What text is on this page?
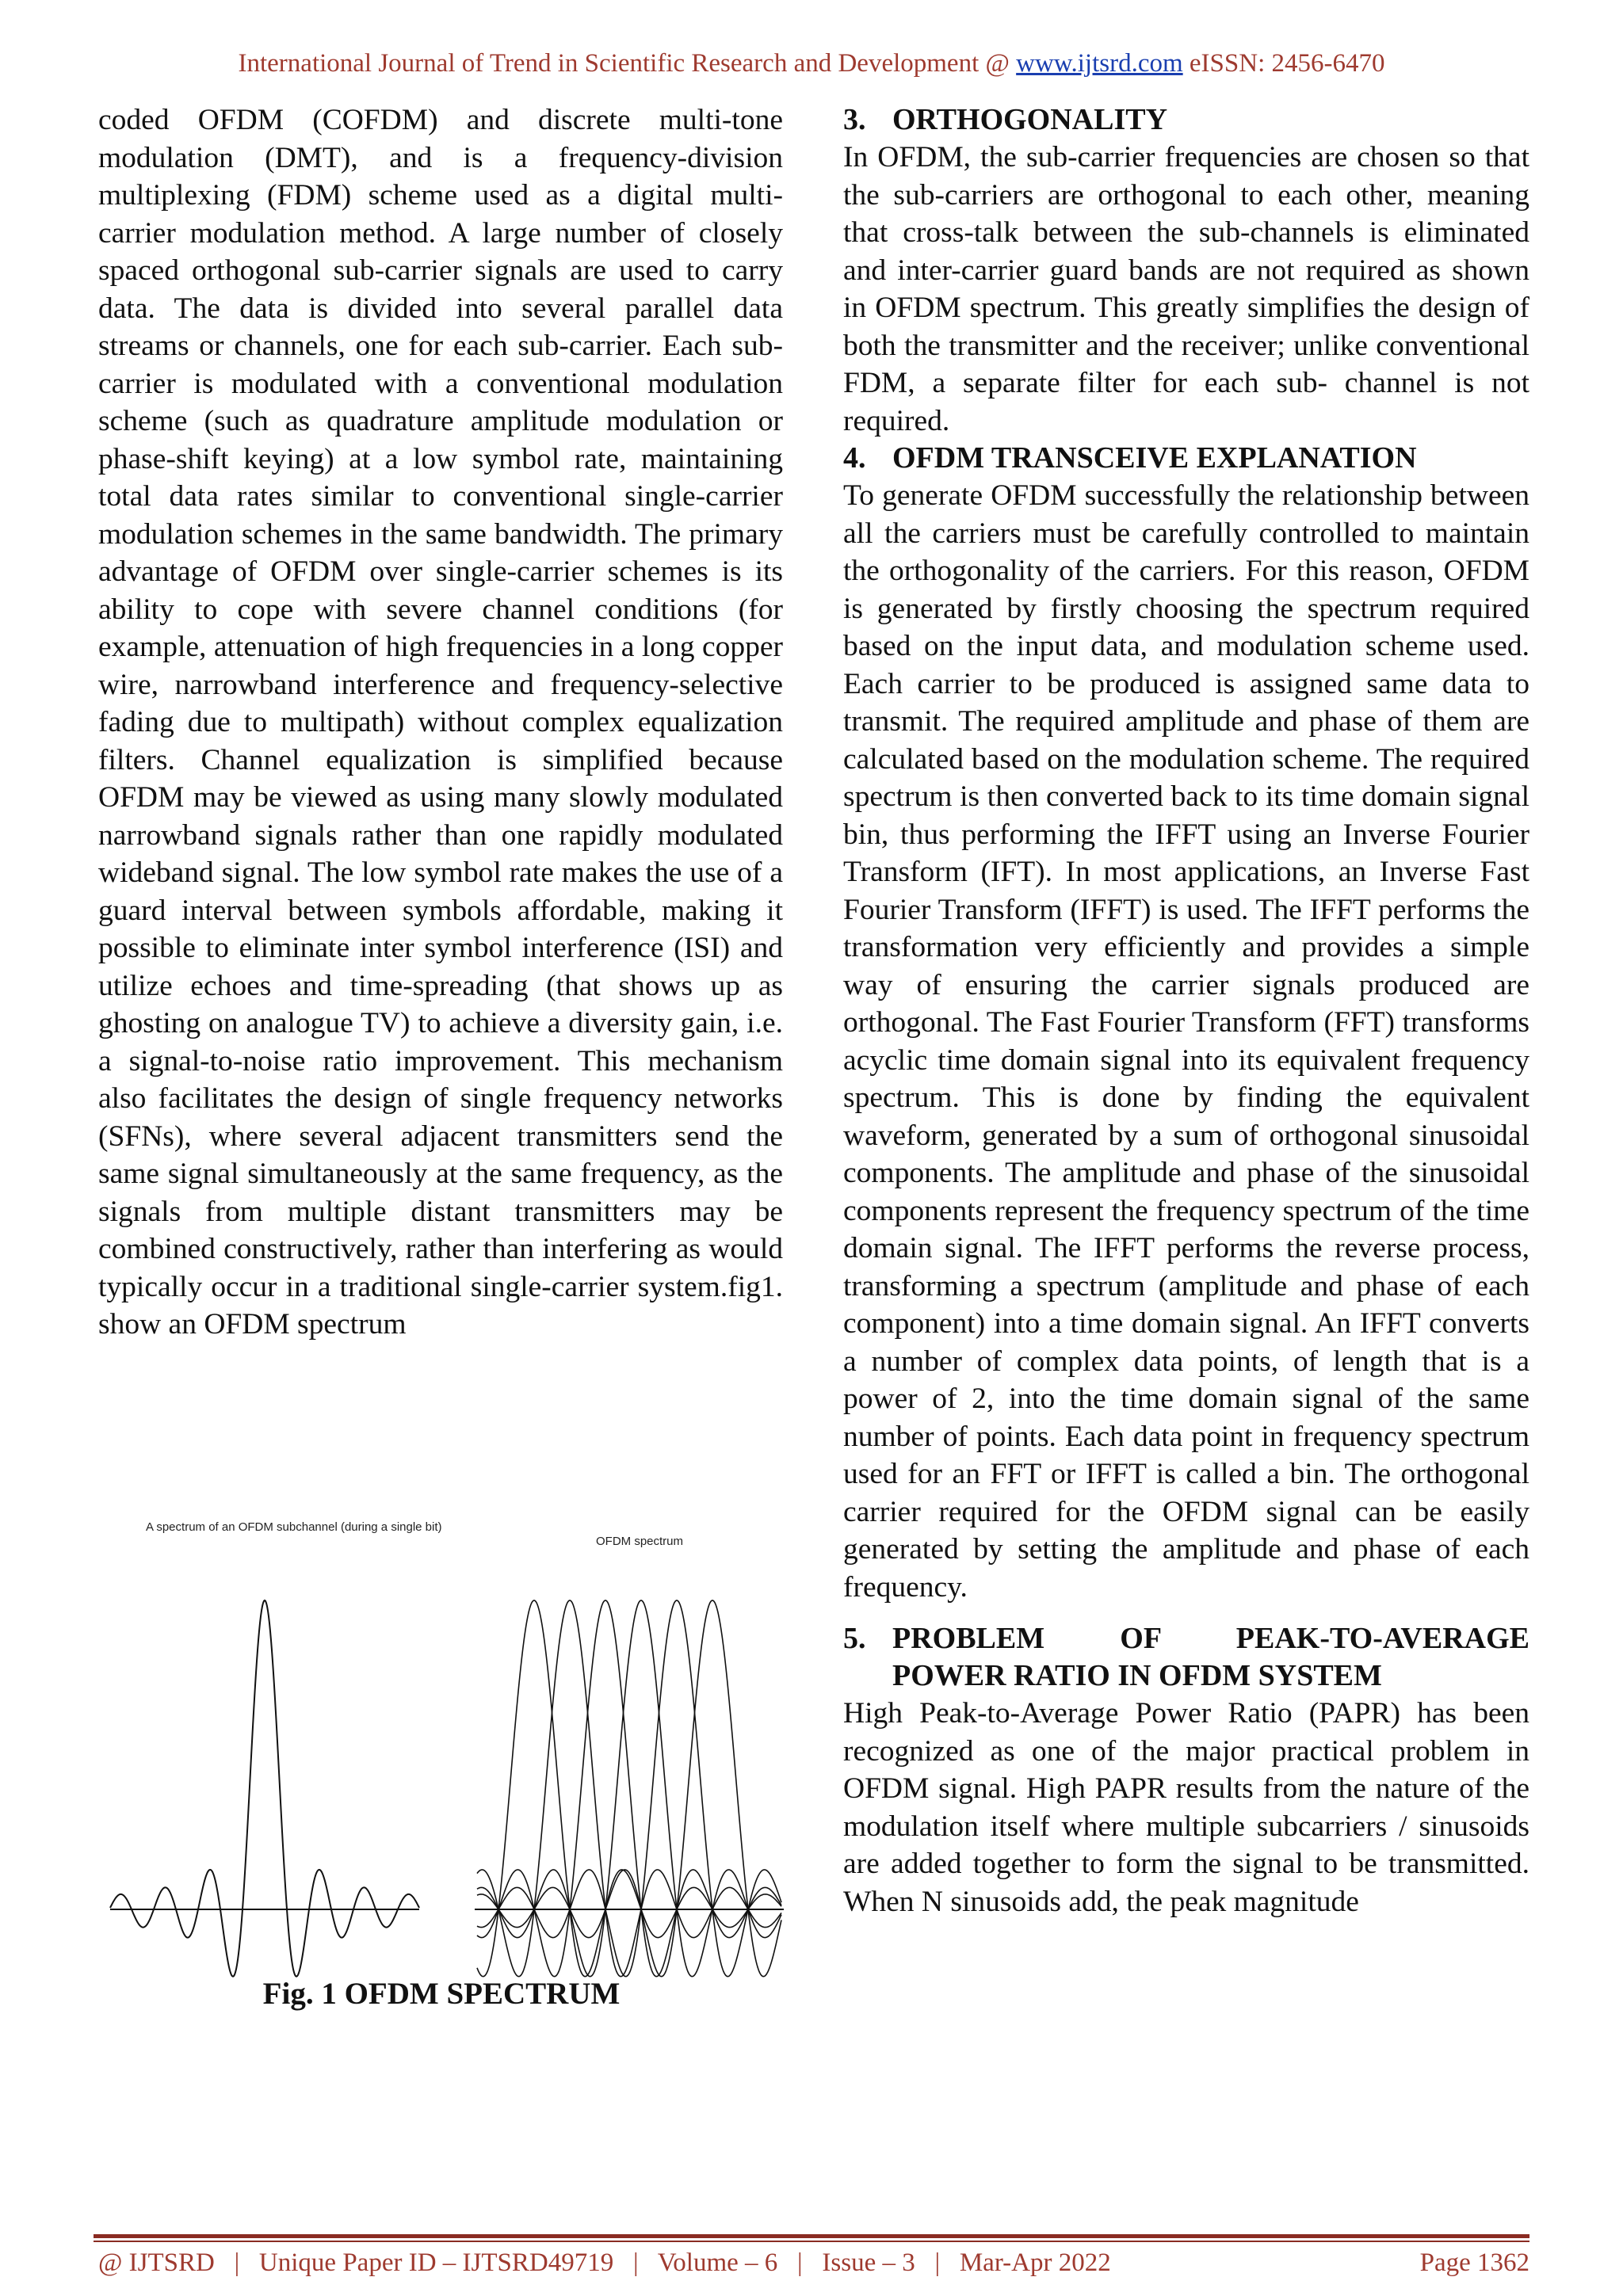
International Journal of Trend in Scientific Research and Development @ www.ijtsrd.com eISSN: 2456-6470

coded OFDM (COFDM) and discrete multi-tone modulation (DMT), and is a frequency-division multiplexing (FDM) scheme used as a digital multi-carrier modulation method. A large number of closely spaced orthogonal sub-carrier signals are used to carry data. The data is divided into several parallel data streams or channels, one for each sub-carrier. Each sub-carrier is modulated with a conventional modulation scheme (such as quadrature amplitude modulation or phase-shift keying) at a low symbol rate, maintaining total data rates similar to conventional single-carrier modulation schemes in the same bandwidth. The primary advantage of OFDM over single-carrier schemes is its ability to cope with severe channel conditions (for example, attenuation of high frequencies in a long copper wire, narrowband interference and frequency-selective fading due to multipath) without complex equalization filters. Channel equalization is simplified because OFDM may be viewed as using many slowly modulated narrowband signals rather than one rapidly modulated wideband signal. The low symbol rate makes the use of a guard interval between symbols affordable, making it possible to eliminate inter symbol interference (ISI) and utilize echoes and time-spreading (that shows up as ghosting on analogue TV) to achieve a diversity gain, i.e. a signal-to-noise ratio improvement. This mechanism also facilitates the design of single frequency networks (SFNs), where several adjacent transmitters send the same signal simultaneously at the same frequency, as the signals from multiple distant transmitters may be combined constructively, rather than interfering as would typically occur in a traditional single-carrier system.fig1. show an OFDM spectrum

A spectrum of an OFDM subchannel (during a single bit)
OFDM spectrum
Fig. 1 OFDM SPECTRUM

3. ORTHOGONALITY

In OFDM, the sub-carrier frequencies are chosen so that the sub-carriers are orthogonal to each other, meaning that cross-talk between the sub-channels is eliminated and inter-carrier guard bands are not required as shown in OFDM spectrum. This greatly simplifies the design of both the transmitter and the receiver; unlike conventional FDM, a separate filter for each sub- channel is not required.

4. OFDM TRANSCEIVE EXPLANATION

To generate OFDM successfully the relationship between all the carriers must be carefully controlled to maintain the orthogonality of the carriers. For this reason, OFDM is generated by firstly choosing the spectrum required based on the input data, and modulation scheme used. Each carrier to be produced is assigned same data to transmit. The required amplitude and phase of them are calculated based on the modulation scheme. The required spectrum is then converted back to its time domain signal bin, thus performing the IFFT using an Inverse Fourier Transform (IFT). In most applications, an Inverse Fast Fourier Transform (IFFT) is used. The IFFT performs the transformation very efficiently and provides a simple way of ensuring the carrier signals produced are orthogonal. The Fast Fourier Transform (FFT) transforms acyclic time domain signal into its equivalent frequency spectrum. This is done by finding the equivalent waveform, generated by a sum of orthogonal sinusoidal components. The amplitude and phase of the sinusoidal components represent the frequency spectrum of the time domain signal. The IFFT performs the reverse process, transforming a spectrum (amplitude and phase of each component) into a time domain signal. An IFFT converts a number of complex data points, of length that is a power of 2, into the time domain signal of the same number of points. Each data point in frequency spectrum used for an FFT or IFFT is called a bin. The orthogonal carrier required for the OFDM signal can be easily generated by setting the amplitude and phase of each frequency.

5. PROBLEM OF PEAK-TO-AVERAGE
POWER RATIO IN OFDM SYSTEM

High Peak-to-Average Power Ratio (PAPR) has been recognized as one of the major practical problem in OFDM signal. High PAPR results from the nature of the modulation itself where multiple subcarriers / sinusoids are added together to form the signal to be transmitted. When N sinusoids add, the peak magnitude

@ IJTSRD   |   Unique Paper ID – IJTSRD49719   |   Volume – 6   |   Issue – 3   |   Mar-Apr 2022	Page 1362
